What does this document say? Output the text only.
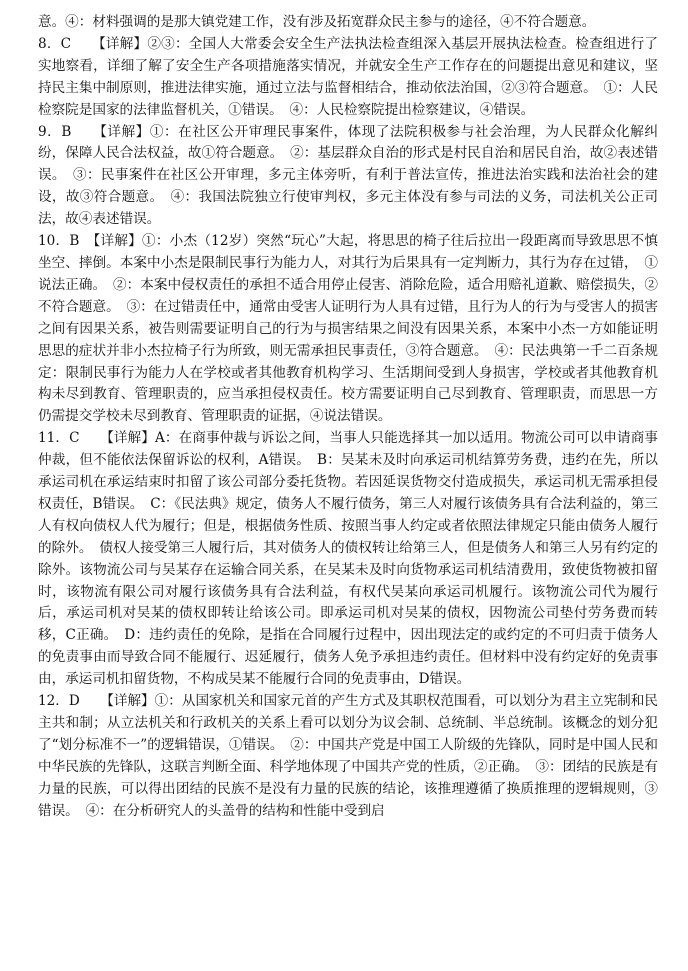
意。④：材料强调的是那大镇党建工作，没有涉及拓宽群众民主参与的途径，④不符合题意。

8．C　　【详解】②③：全国人大常委会安全生产法执法检查组深入基层开展执法检查。检查组进行了实地察看，详细了解了安全生产各项措施落实情况，并就安全生产工作存在的问题提出意见和建议，坚持民主集中制原则，推进法律实施，通过立法与监督相结合，推动依法治国，②③符合题意。　①：人民检察院是国家的法律监督机关，①错误。　④：人民检察院提出检察建议，④错误。

9．B　　【详解】①：在社区公开审理民事案件，体现了法院积极参与社会治理，为人民群众化解纠纷，保障人民合法权益，故①符合题意。　②：基层群众自治的形式是村民自治和居民自治，故②表述错误。　③：民事案件在社区公开审理，多元主体旁听，有利于普法宣传，推进法治实践和法治社会的建设，故③符合题意。　④：我国法院独立行使审判权，多元主体没有参与司法的义务，司法机关公正司法，故④表述错误。

10．B　【详解】①：小杰（12岁）突然“玩心”大起，将思思的椅子往后拉出一段距离而导致思思不慎坐空、摔倒。本案中小杰是限制民事行为能力人，对其行为后果具有一定判断力，其行为存在过错，　①说法正确。　②：本案中侵权责任的承担不适合用停止侵害、消除危险，适合用赔礼道歉、赔偿损失，②不符合题意。　③：在过错责任中，通常由受害人证明行为人具有过错，且行为人的行为与受害人的损害之间有因果关系，被告则需要证明自己的行为与损害结果之间没有因果关系，本案中小杰一方如能证明思思的症状并非小杰拉椅子行为所致，则无需承担民事责任，③符合题意。　④：民法典第一千二百条规定：限制民事行为能力人在学校或者其他教育机构学习、生活期间受到人身损害，学校或者其他教育机构未尽到教育、管理职责的，应当承担侵权责任。校方需要证明自己尽到教育、管理职责，而思思一方仍需提交学校未尽到教育、管理职责的证据，④说法错误。

11．C　　【详解】A：在商事仲裁与诉讼之间，当事人只能选择其一加以适用。物流公司可以申请商事仲裁，但不能依法保留诉讼的权利，A错误。　B：吴某未及时向承运司机结算劳务费，违约在先，所以承运司机在承运结束时扣留了该公司部分委托货物。若因延误货物交付造成损失，承运司机无需承担侵权责任，B错误。　C：《民法典》规定，债务人不履行债务，第三人对履行该债务具有合法利益的，第三人有权向债权人代为履行；但是，根据债务性质、按照当事人约定或者依照法律规定只能由债务人履行的除外。　债权人接受第三人履行后，其对债务人的债权转让给第三人，但是债务人和第三人另有约定的除外。该物流公司与吴某存在运输合同关系，在吴某未及时向货物承运司机结清费用，致使货物被扣留时，该物流有限公司对履行该债务具有合法利益，有权代吴某向承运司机履行。该物流公司代为履行后，承运司机对吴某的债权即转让给该公司。即承运司机对吴某的债权，因物流公司垫付劳务费而转移，C正确。　D：违约责任的免除，是指在合同履行过程中，因出现法定的或约定的不可归责于债务人的免责事由而导致合同不能履行、迟延履行，债务人免予承担违约责任。但材料中没有约定好的免责事由，承运司机扣留货物，不构成吴某不能履行合同的免责事由，D错误。

12．D　　【详解】①：从国家机关和国家元首的产生方式及其职权范围看，可以划分为君主立宪制和民主共和制；从立法机关和行政机关的关系上看可以划分为议会制、总统制、半总统制。该概念的划分犯了“划分标准不一”的逻辑错误，①错误。　②：中国共产党是中国工人阶级的先锋队，同时是中国人民和中华民族的先锋队，这联言判断全面、科学地体现了中国共产党的性质，②正确。　③：团结的民族是有力量的民族，可以得出团结的民族不是没有力量的民族的结论，该推理遵循了换质推理的逻辑规则，③错误。　④：在分析研究人的头盖骨的结构和性能中受到启
